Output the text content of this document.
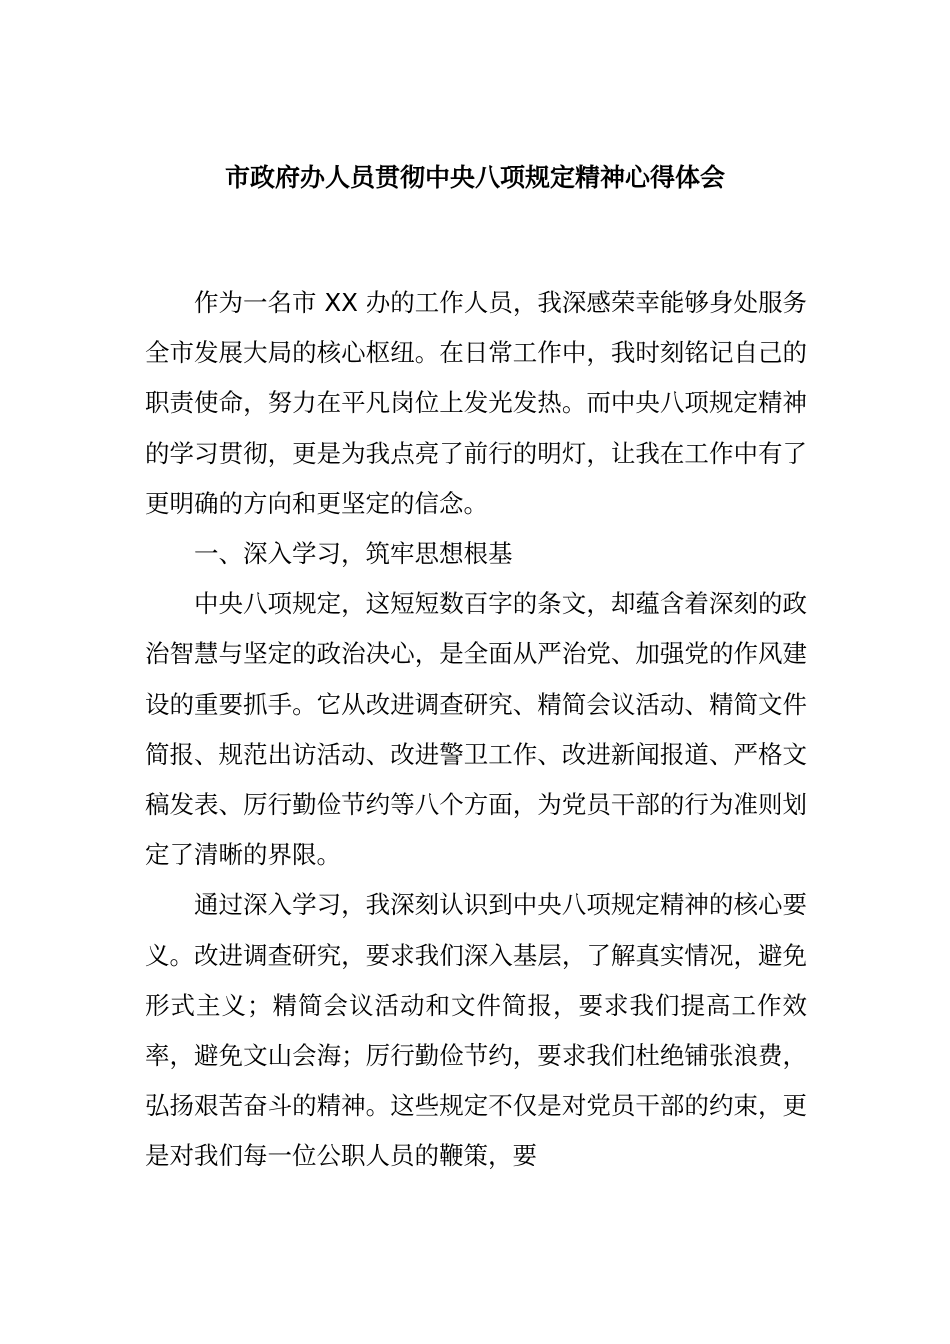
市政府办人员贯彻中央八项规定精神心得体会

作为一名市 XX 办的工作人员，我深感荣幸能够身处服务全市发展大局的核心枢纽。在日常工作中，我时刻铭记自己的职责使命，努力在平凡岗位上发光发热。而中央八项规定精神的学习贯彻，更是为我点亮了前行的明灯，让我在工作中有了更明确的方向和更坚定的信念。

一、深入学习，筑牢思想根基

中央八项规定，这短短数百字的条文，却蕴含着深刻的政治智慧与坚定的政治决心，是全面从严治党、加强党的作风建设的重要抓手。它从改进调查研究、精简会议活动、精简文件简报、规范出访活动、改进警卫工作、改进新闻报道、严格文稿发表、厉行勤俭节约等八个方面，为党员干部的行为准则划定了清晰的界限。

通过深入学习，我深刻认识到中央八项规定精神的核心要义。改进调查研究，要求我们深入基层，了解真实情况，避免形式主义；精简会议活动和文件简报，要求我们提高工作效率，避免文山会海；厉行勤俭节约，要求我们杜绝铺张浪费，弘扬艰苦奋斗的精神。这些规定不仅是对党员干部的约束，更是对我们每一位公职人员的鞭策，要
